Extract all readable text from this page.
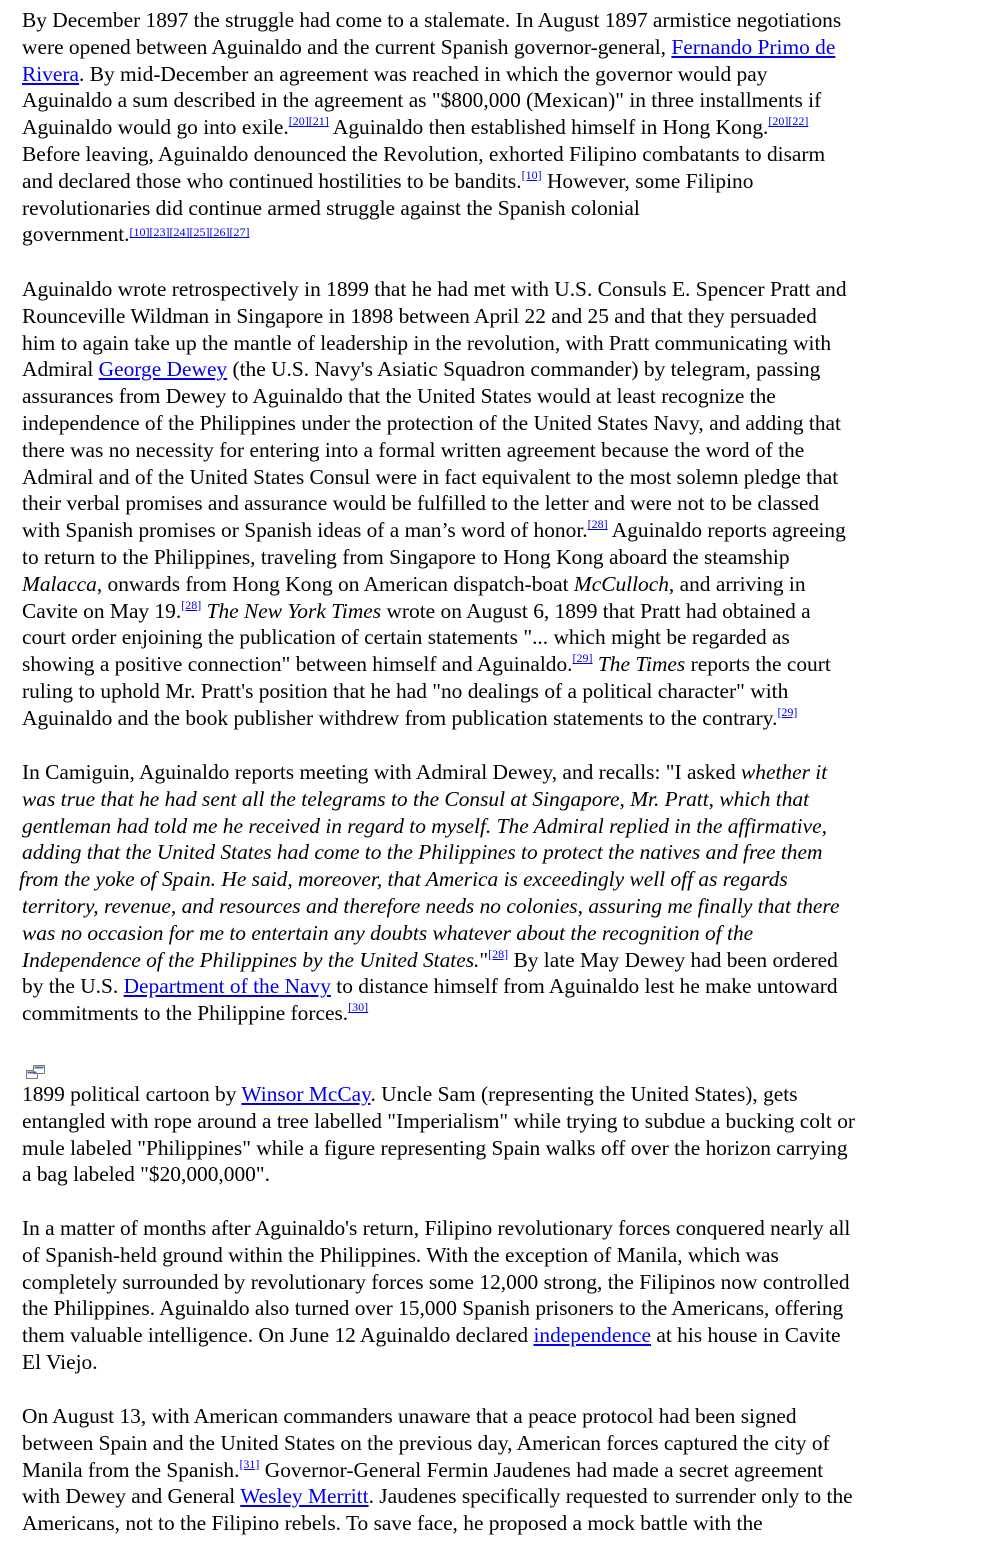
By December 1897 the struggle had come to a stalemate. In August 1897 armistice negotiations
were opened between Aguinaldo and the current Spanish governor-general, Fernando Primo de
Rivera. By mid-December an agreement was reached in which the governor would pay
Aguinaldo a sum described in the agreement as "$800,000 (Mexican)" in three installments if
Aguinaldo would go into exile.[20][21] Aguinaldo then established himself in Hong Kong.[20][22]
Before leaving, Aguinaldo denounced the Revolution, exhorted Filipino combatants to disarm
and declared those who continued hostilities to be bandits.[10] However, some Filipino
revolutionaries did continue armed struggle against the Spanish colonial
government.[10][23][24][25][26][27]
Aguinaldo wrote retrospectively in 1899 that he had met with U.S. Consuls E. Spencer Pratt and
Rounceville Wildman in Singapore in 1898 between April 22 and 25 and that they persuaded
him to again take up the mantle of leadership in the revolution, with Pratt communicating with
Admiral George Dewey (the U.S. Navy's Asiatic Squadron commander) by telegram, passing
assurances from Dewey to Aguinaldo that the United States would at least recognize the
independence of the Philippines under the protection of the United States Navy, and adding that
there was no necessity for entering into a formal written agreement because the word of the
Admiral and of the United States Consul were in fact equivalent to the most solemn pledge that
their verbal promises and assurance would be fulfilled to the letter and were not to be classed
with Spanish promises or Spanish ideas of a man’s word of honor.[28] Aguinaldo reports agreeing
to return to the Philippines, traveling from Singapore to Hong Kong aboard the steamship
Malacca, onwards from Hong Kong on American dispatch-boat McCulloch, and arriving in
Cavite on May 19.[28] The New York Times wrote on August 6, 1899 that Pratt had obtained a
court order enjoining the publication of certain statements "... which might be regarded as
showing a positive connection" between himself and Aguinaldo.[29] The Times reports the court
ruling to uphold Mr. Pratt's position that he had "no dealings of a political character" with
Aguinaldo and the book publisher withdrew from publication statements to the contrary.[29]
In Camiguin, Aguinaldo reports meeting with Admiral Dewey, and recalls: "I asked whether it
was true that he had sent all the telegrams to the Consul at Singapore, Mr. Pratt, which that
gentleman had told me he received in regard to myself. The Admiral replied in the affirmative,
adding that the United States had come to the Philippines to protect the natives and free them
from the yoke of Spain. He said, moreover, that America is exceedingly well off as regards
territory, revenue, and resources and therefore needs no colonies, assuring me finally that there
was no occasion for me to entertain any doubts whatever about the recognition of the
Independence of the Philippines by the United States."[28] By late May Dewey had been ordered
by the U.S. Department of the Navy to distance himself from Aguinaldo lest he make untoward
commitments to the Philippine forces.[30]
1899 political cartoon by Winsor McCay. Uncle Sam (representing the United States), gets
entangled with rope around a tree labelled "Imperialism" while trying to subdue a bucking colt or
mule labeled "Philippines" while a figure representing Spain walks off over the horizon carrying
a bag labeled "$20,000,000".
In a matter of months after Aguinaldo's return, Filipino revolutionary forces conquered nearly all
of Spanish-held ground within the Philippines. With the exception of Manila, which was
completely surrounded by revolutionary forces some 12,000 strong, the Filipinos now controlled
the Philippines. Aguinaldo also turned over 15,000 Spanish prisoners to the Americans, offering
them valuable intelligence. On June 12 Aguinaldo declared independence at his house in Cavite
El Viejo.
On August 13, with American commanders unaware that a peace protocol had been signed
between Spain and the United States on the previous day, American forces captured the city of
Manila from the Spanish.[31] Governor-General Fermin Jaudenes had made a secret agreement
with Dewey and General Wesley Merritt. Jaudenes specifically requested to surrender only to the
Americans, not to the Filipino rebels. To save face, he proposed a mock battle with the
